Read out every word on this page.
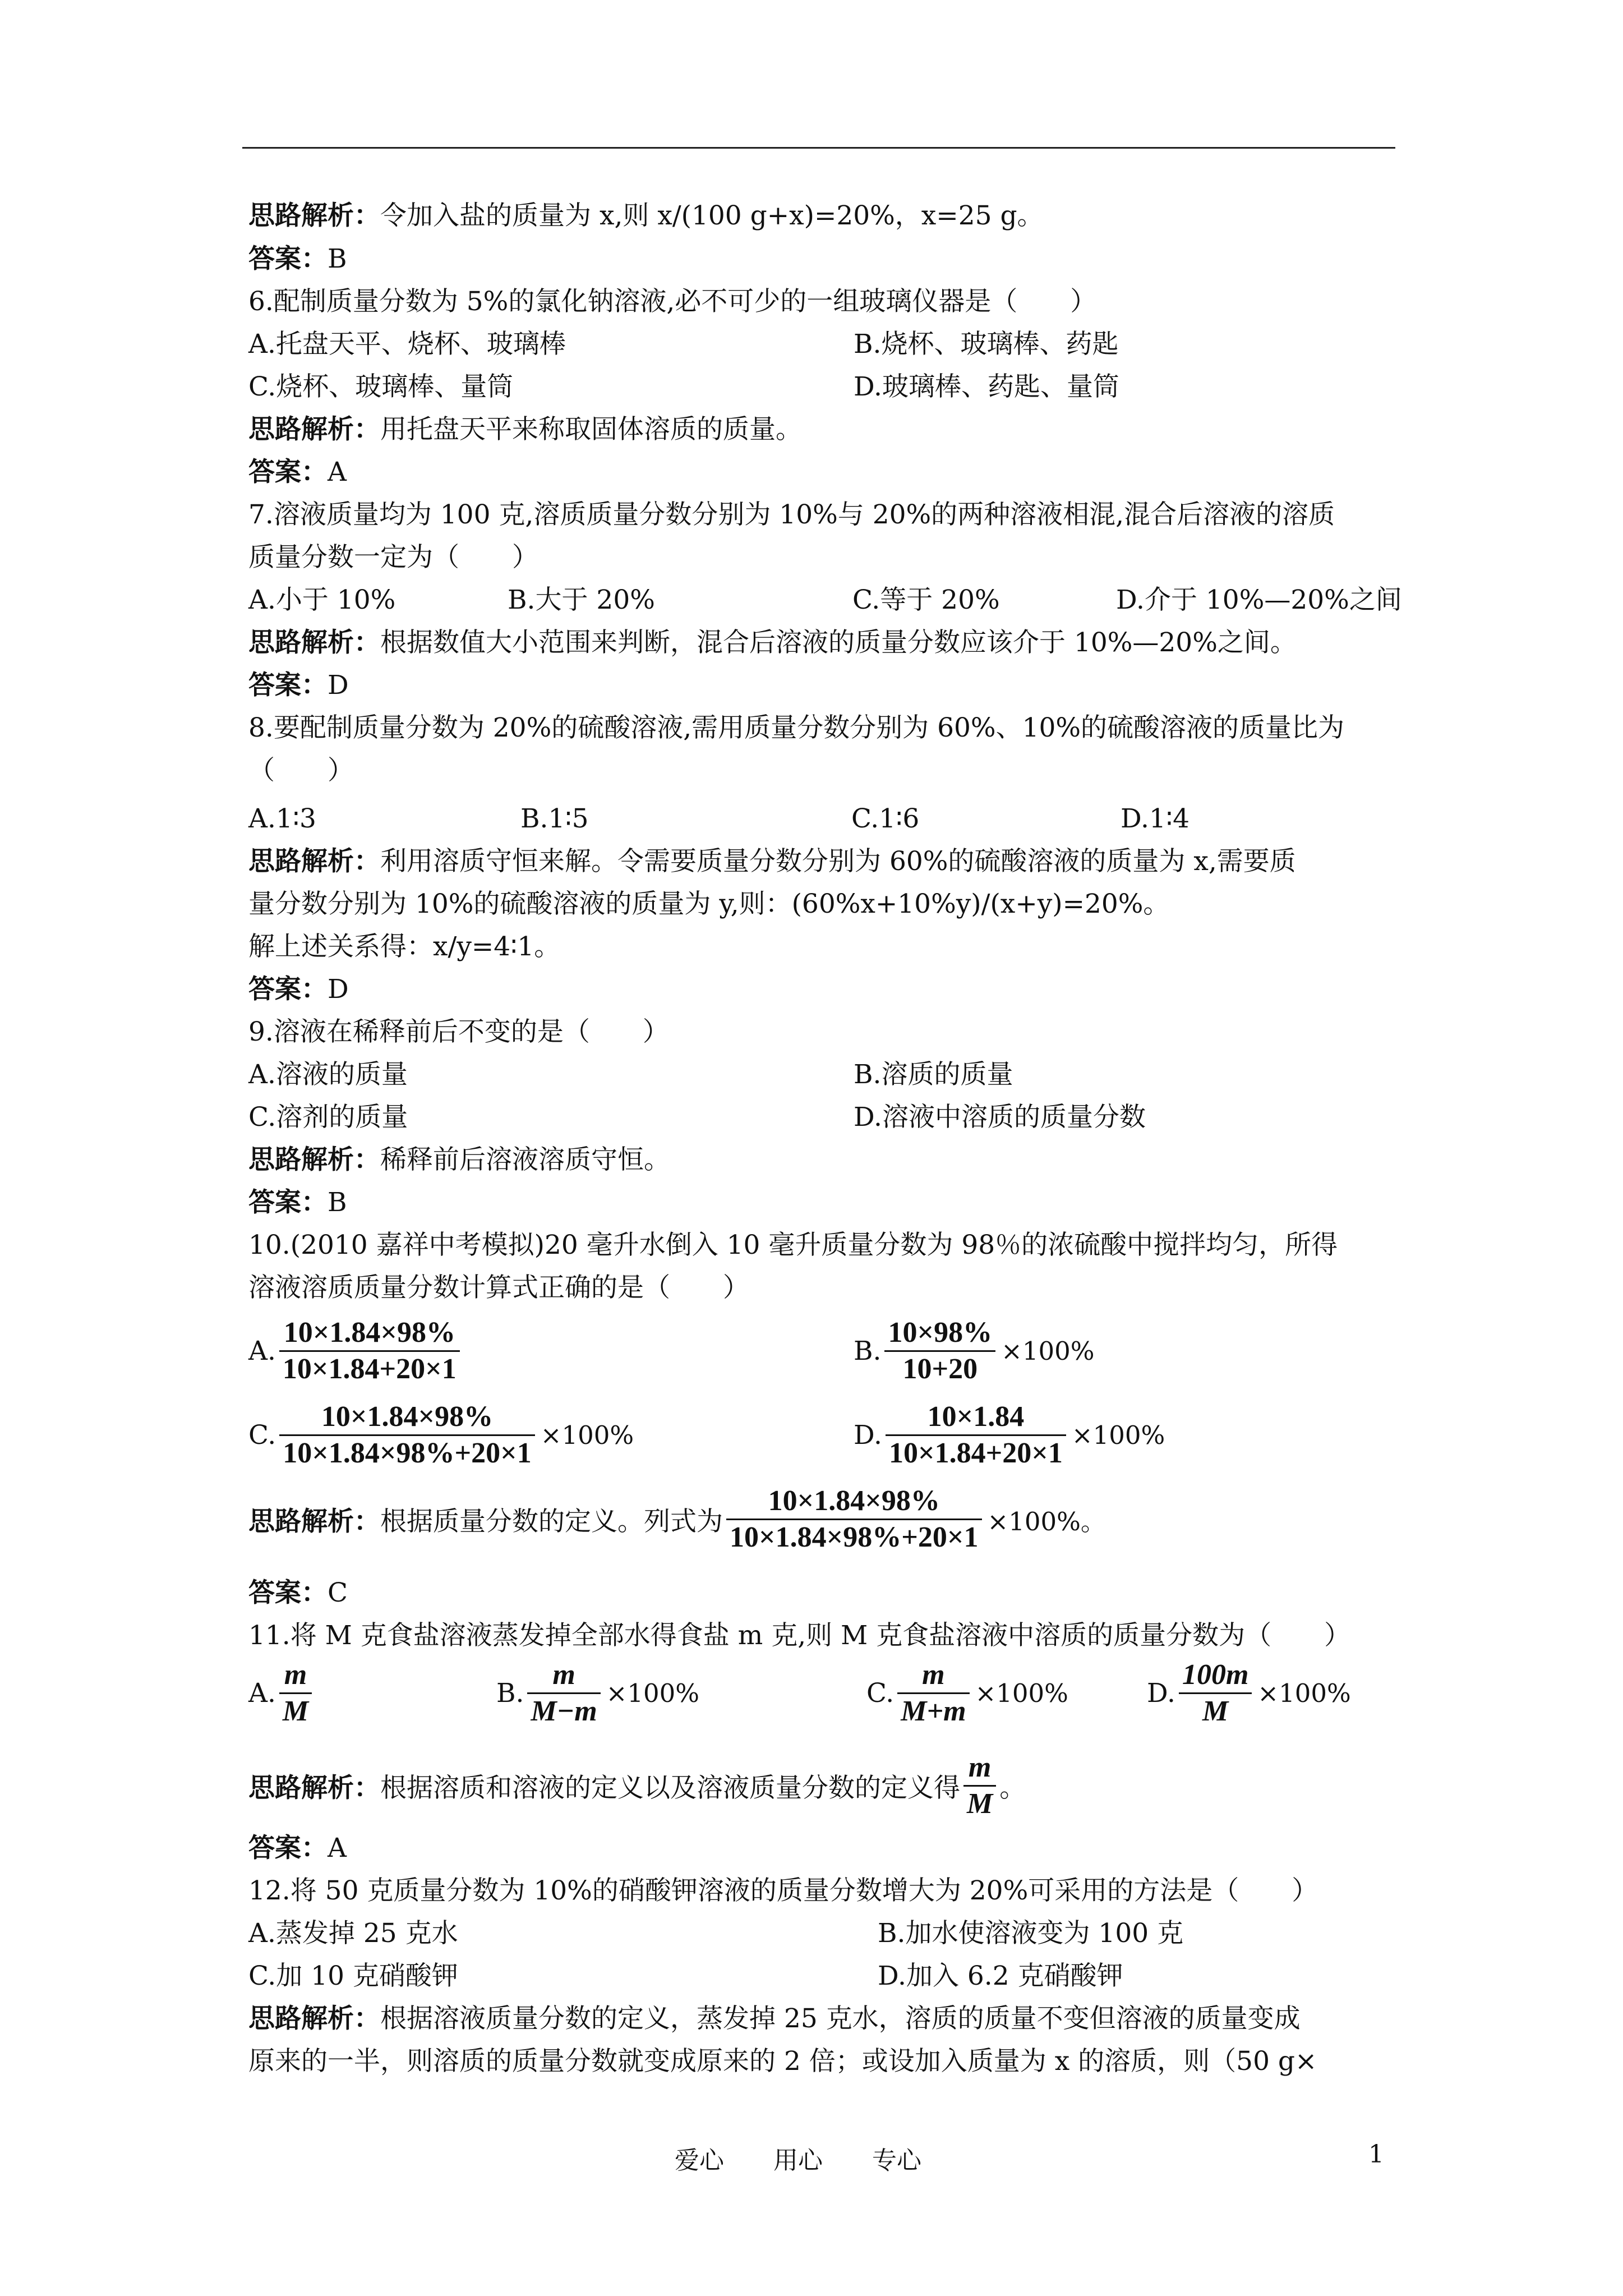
思路解析：令加入盐的质量为 x,则 x/(100 g+x)=20%，x=25 g。
答案：B
6.配制质量分数为 5%的氯化钠溶液,必不可少的一组玻璃仪器是（　　）
A.托盘天平、烧杯、玻璃棒	B.烧杯、玻璃棒、药匙
C.烧杯、玻璃棒、量筒	D.玻璃棒、药匙、量筒
思路解析：用托盘天平来称取固体溶质的质量。
答案：A
7.溶液质量均为 100 克,溶质质量分数分别为 10%与 20%的两种溶液相混,混合后溶液的溶质
质量分数一定为（　　）
A.小于 10%	B.大于 20%	C.等于 20%	D.介于 10%—20%之间
思路解析：根据数值大小范围来判断，混合后溶液的质量分数应该介于 10%—20%之间。
答案：D
8.要配制质量分数为 20%的硫酸溶液,需用质量分数分别为 60%、10%的硫酸溶液的质量比为
（　　）
A.1∶3	B.1∶5	C.1∶6	D.1∶4
思路解析：利用溶质守恒来解。令需要质量分数分别为 60%的硫酸溶液的质量为 x,需要质
量分数分别为 10%的硫酸溶液的质量为 y,则：(60%x+10%y)/(x+y)=20%。
解上述关系得：x/y=4∶1。
答案：D
9.溶液在稀释前后不变的是（　　）
A.溶液的质量	B.溶质的质量
C.溶剂的质量	D.溶液中溶质的质量分数
思路解析：稀释前后溶液溶质守恒。
答案：B
10.(2010 嘉祥中考模拟)20 毫升水倒入 10 毫升质量分数为 98％的浓硫酸中搅拌均匀，所得
溶液溶质质量分数计算式正确的是（　　）
A. $\frac{10\times 1.84\times 98\%}{10\times 1.84+20\times 1}$	B. $\frac{10\times 98\%}{10+20} \times 100\%$
C. $\frac{10\times 1.84\times 98\%}{10\times 1.84\times 98\%+20\times 1} \times 100\%$	D. $\frac{10\times 1.84}{10\times 1.84+20\times 1} \times 100\%$
思路解析： 根据质量分数的定义。列式为 $\frac{10\times 1.84\times 98\%}{10\times 1.84\times 98\%+20\times 1} \times 100\%$。
答案：C
11.将 M 克食盐溶液蒸发掉全部水得食盐 m 克,则 M 克食盐溶液中溶质的质量分数为（　　）
A. $\frac{m}{M}$	B. $\frac{m}{M-m} \times 100\%$	C. $\frac{m}{M+m} \times 100\%$	D. $\frac{100m}{M} \times 100\%$
思路解析： 根据溶质和溶液的定义以及溶液质量分数的定义得 $\frac{m}{M}$ 。
答案：A
12.将 50 克质量分数为 10%的硝酸钾溶液的质量分数增大为 20%可采用的方法是（　　）
A.蒸发掉 25 克水	B.加水使溶液变为 100 克
C.加 10 克硝酸钾	D.加入 6.2 克硝酸钾
思路解析：根据溶液质量分数的定义，蒸发掉 25 克水，溶质的质量不变但溶液的质量变成
原来的一半，则溶质的质量分数就变成原来的 2 倍；或设加入质量为 x 的溶质，则（50 g×
爱心　　用心　　专心	1
